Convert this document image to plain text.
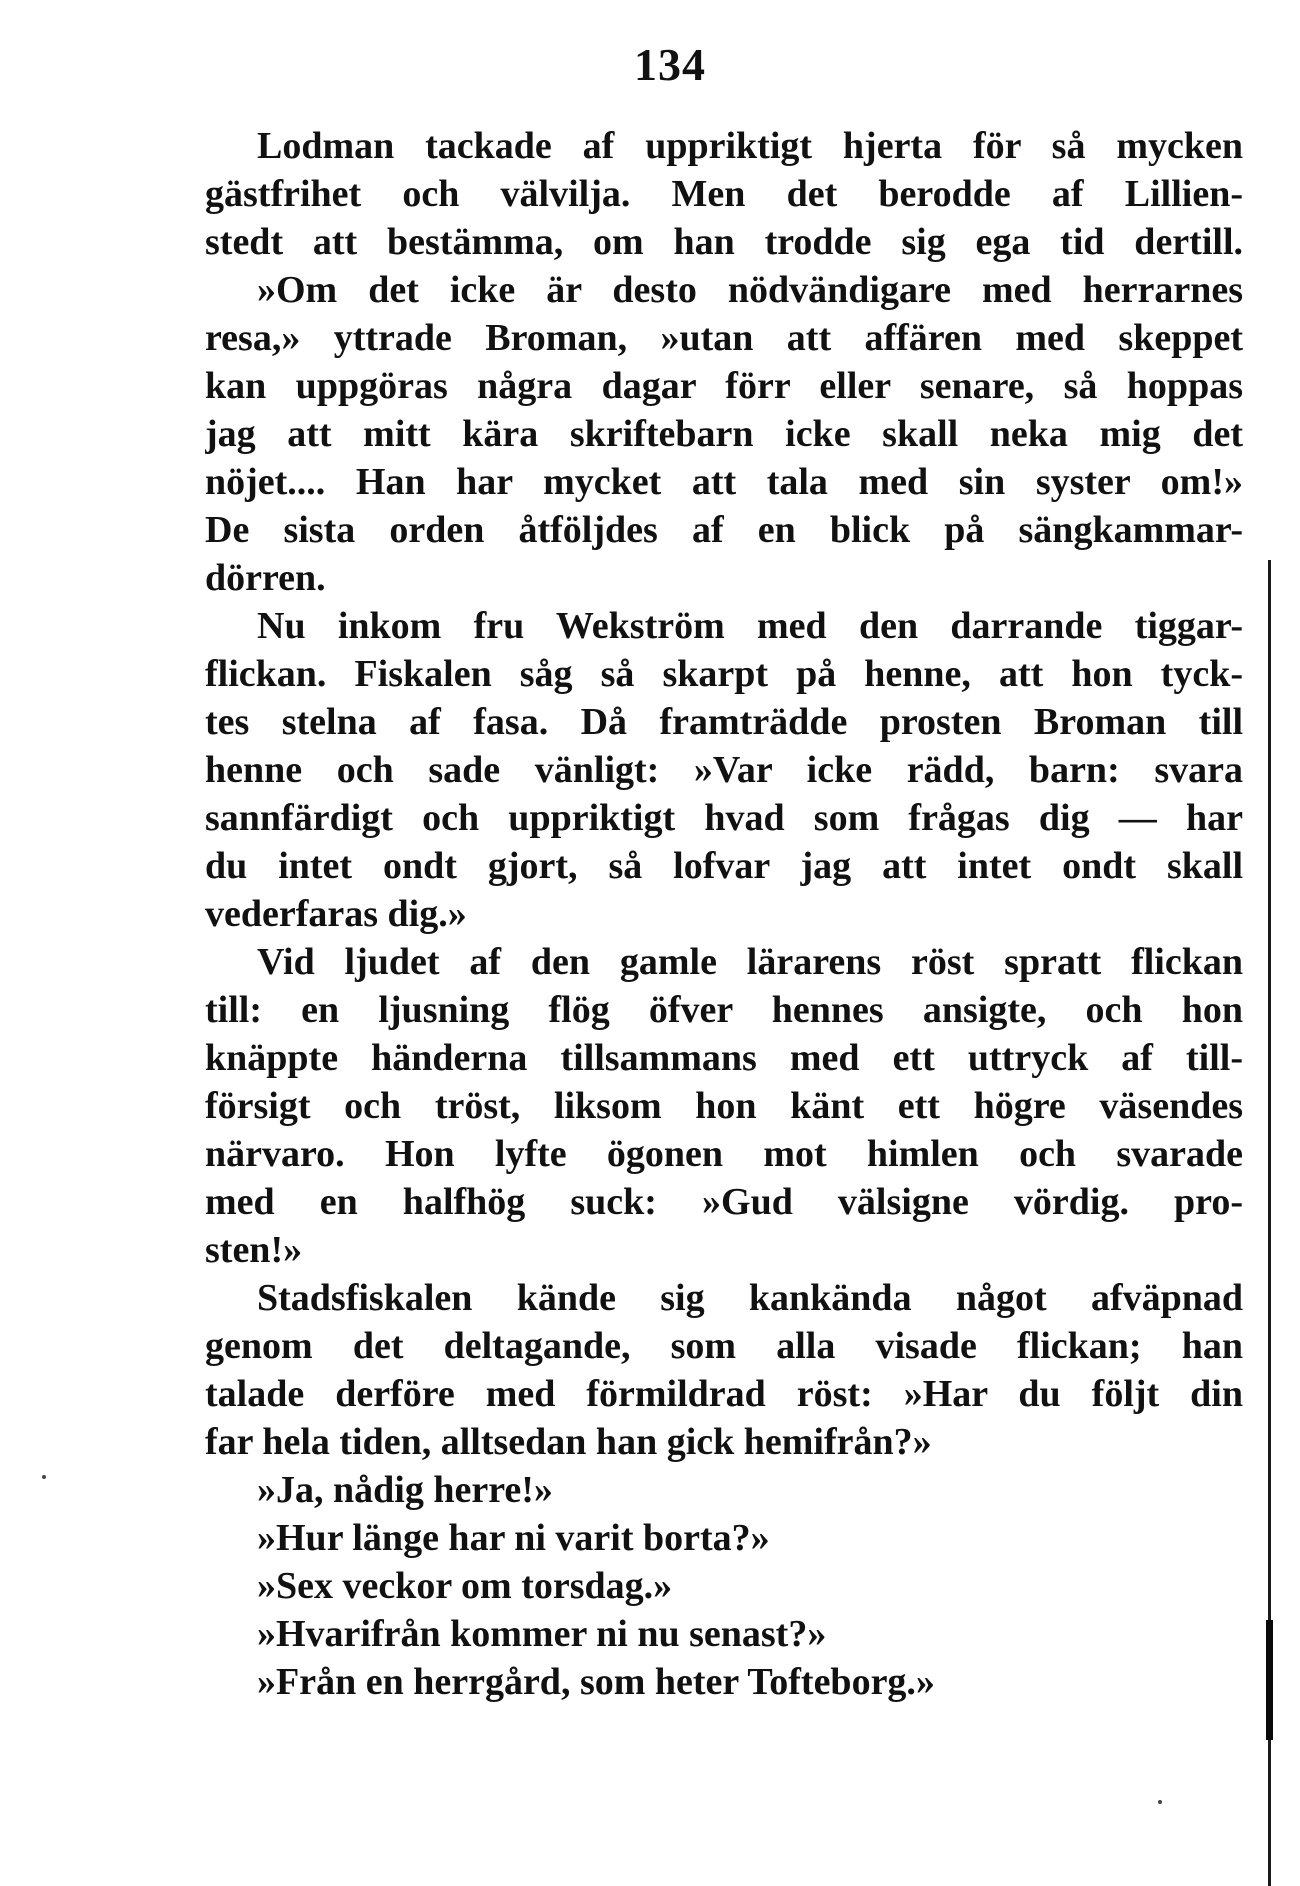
134
Lodman tackade af uppriktigt hjerta för så mycken
gästfrihet och välvilja. Men det berodde af Lillien-
stedt att bestämma, om han trodde sig ega tid dertill.
»Om det icke är desto nödvändigare med herrarnes
resa,» yttrade Broman, »utan att affären med skeppet
kan uppgöras några dagar förr eller senare, så hoppas
jag att mitt kära skriftebarn icke skall neka mig det
nöjet.... Han har mycket att tala med sin syster om!»
De sista orden åtföljdes af en blick på sängkammar-
dörren.
Nu inkom fru Wekström med den darrande tiggar-
flickan. Fiskalen såg så skarpt på henne, att hon tyck-
tes stelna af fasa. Då framträdde prosten Broman till
henne och sade vänligt: »Var icke rädd, barn: svara
sannfärdigt och uppriktigt hvad som frågas dig — har
du intet ondt gjort, så lofvar jag att intet ondt skall
vederfaras dig.»
Vid ljudet af den gamle lärarens röst spratt flickan
till: en ljusning flög öfver hennes ansigte, och hon
knäppte händerna tillsammans med ett uttryck af till-
försigt och tröst, liksom hon känt ett högre väsendes
närvaro. Hon lyfte ögonen mot himlen och svarade
med en halfhög suck: »Gud välsigne vördig. pro-
sten!»
Stadsfiskalen kände sig kankända något afväpnad
genom det deltagande, som alla visade flickan; han
talade derföre med förmildrad röst: »Har du följt din
far hela tiden, alltsedan han gick hemifrån?»
»Ja, nådig herre!»
»Hur länge har ni varit borta?»
»Sex veckor om torsdag.»
»Hvarifrån kommer ni nu senast?»
»Från en herrgård, som heter Tofteborg.»
